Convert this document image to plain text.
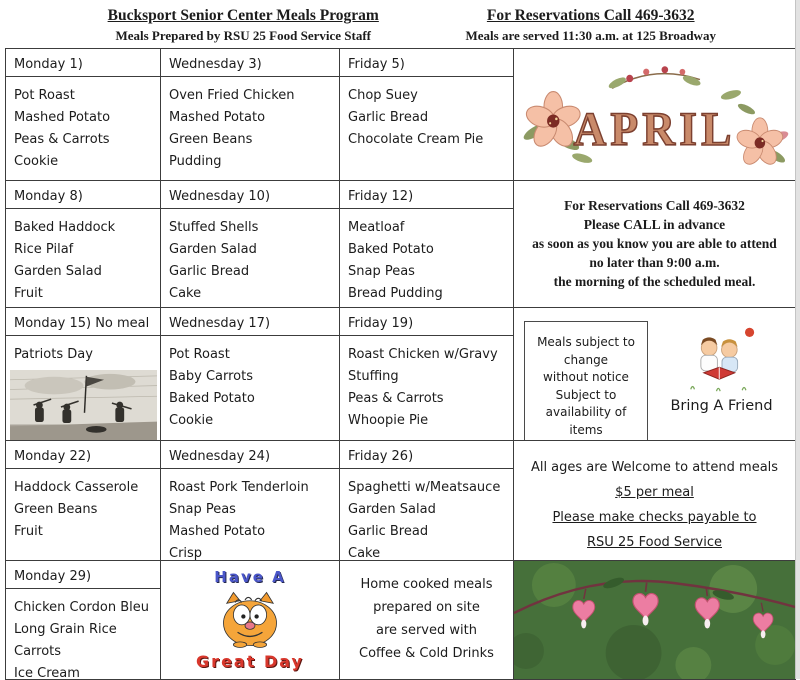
Bucksport Senior Center Meals Program
Meals Prepared by RSU 25 Food Service Staff
For Reservations Call 469-3632
Meals are served 11:30 a.m. at 125 Broadway
Monday 1)
Pot Roast
Mashed Potato
Peas & Carrots
Cookie
Wednesday 3)
Oven Fried Chicken
Mashed Potato
Green Beans
Pudding
Friday 5)
Chop Suey
Garlic Bread
Chocolate Cream Pie	APRIL
Monday 8)
Baked Haddock
Rice Pilaf
Garden Salad
Fruit
Wednesday 10)
Stuffed Shells
Garden Salad
Garlic Bread
Cake
Friday 12)
Meatloaf
Baked Potato
Snap Peas
Bread Pudding
For Reservations Call 469-3632
Please CALL in advance
as soon as you know you are able to attend
no later than 9:00 a.m.
the morning of the scheduled meal.
Monday 15) No meal
Patriots Day
Wednesday 17)
Pot Roast
Baby Carrots
Baked Potato
Cookie
Friday 19)
Roast Chicken w/Gravy
Stuffing
Peas & Carrots
Whoopie Pie
Meals subject to
change
without notice
Subject to
availability of items
Bring A Friend
Monday 22)
Haddock Casserole
Green Beans
Fruit
Wednesday 24)
Roast Pork Tenderloin
Snap Peas
Mashed Potato
Crisp
Friday 26)
Spaghetti w/Meatsauce
Garden Salad
Garlic Bread
Cake
All ages are Welcome to attend meals
$5 per meal
Please make checks payable to
RSU 25 Food Service
Monday 29)
Chicken Cordon Bleu
Long Grain Rice
Carrots
Ice Cream
Have A
Great Day
Home cooked meals
prepared on site
are served with
Coffee & Cold Drinks
